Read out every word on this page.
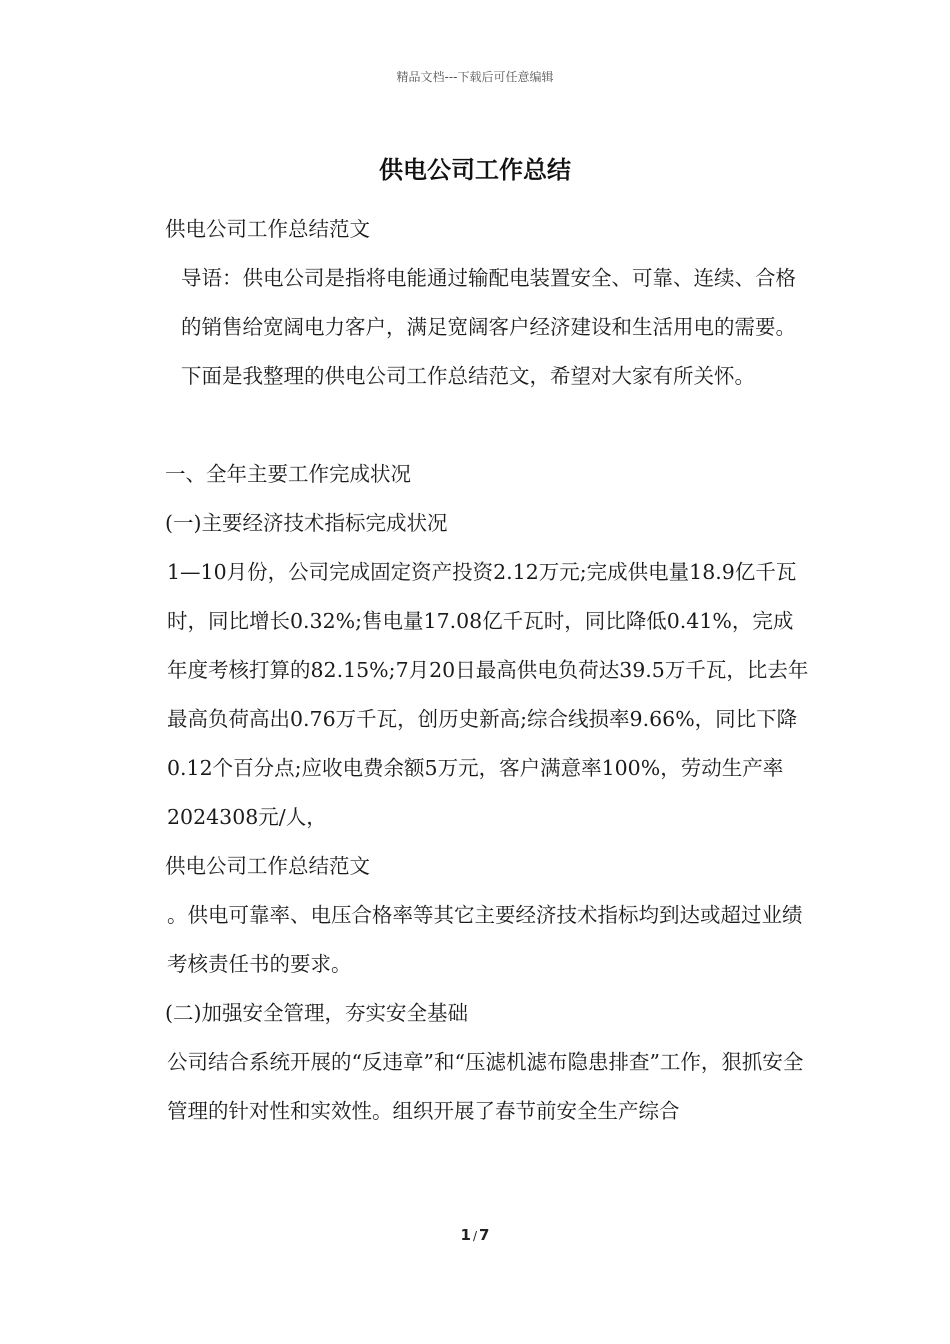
精品文档---下载后可任意编辑
供电公司工作总结

供电公司工作总结范文

导语：供电公司是指将电能通过输配电装置安全、可靠、连续、合格的销售给宽阔电力客户，满足宽阔客户经济建设和生活用电的需要。下面是我整理的供电公司工作总结范文，希望对大家有所关怀。

一、全年主要工作完成状况

(一)主要经济技术指标完成状况

1—10月份，公司完成固定资产投资2.12万元;完成供电量18.9亿千瓦时，同比增长0.32%;售电量17.08亿千瓦时，同比降低0.41%，完成年度考核打算的82.15%;7月20日最高供电负荷达39.5万千瓦，比去年最高负荷高出0.76万千瓦，创历史新高;综合线损率9.66%，同比下降0.12个百分点;应收电费余额5万元，客户满意率100%，劳动生产率2024308元/人，

供电公司工作总结范文

。供电可靠率、电压合格率等其它主要经济技术指标均到达或超过业绩考核责任书的要求。

(二)加强安全管理，夯实安全基础

公司结合系统开展的“反违章”和“压滤机滤布隐患排查”工作，狠抓安全管理的针对性和实效性。组织开展了春节前安全生产综合

1 / 7
